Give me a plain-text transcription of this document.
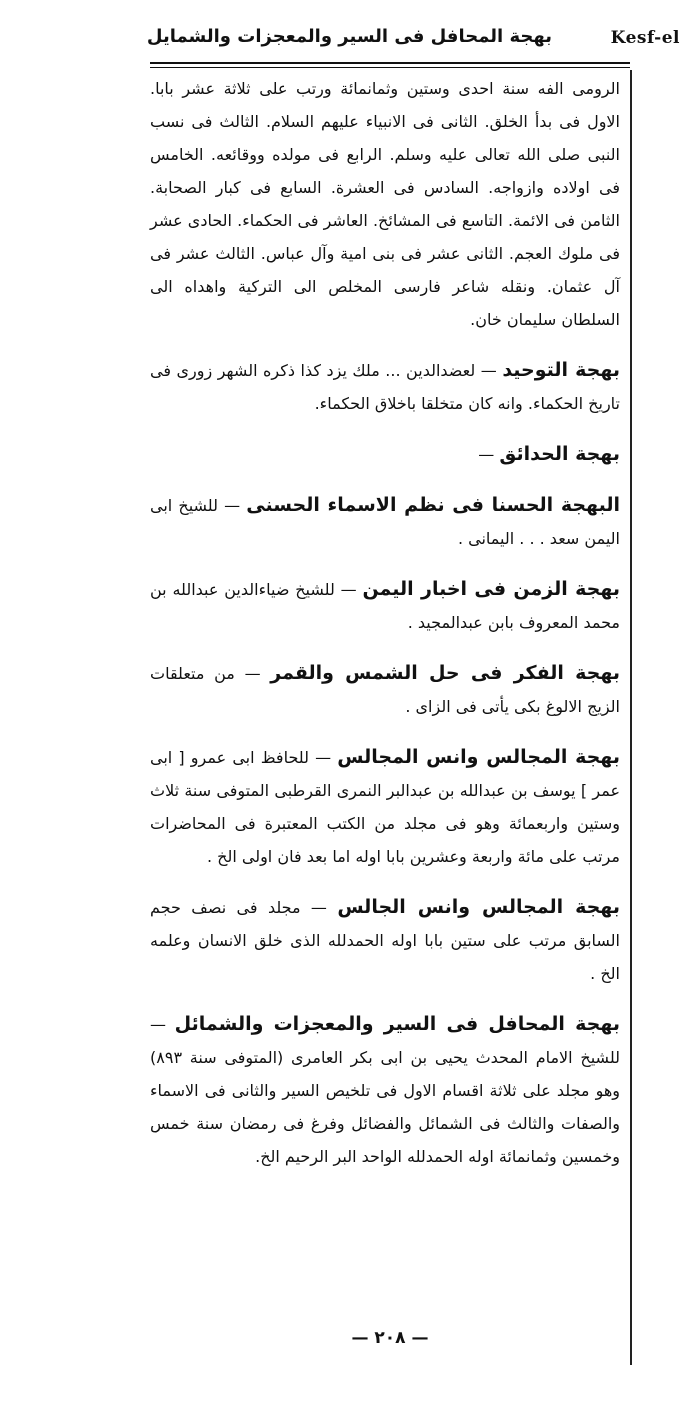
Kesf-el
بهجة المحافل فى السير والمعجزات والشمايل

الرومى الفه سنة احدى وستين وثمانمائة ورتب على ثلاثة عشر بابا. الاول فى بدأ الخلق. الثانى فى الانبياء عليهم السلام. الثالث فى نسب النبى صلى الله تعالى عليه وسلم. الرابع فى مولده ووقائعه. الخامس فى اولاده وازواجه. السادس فى العشرة. السابع فى كبار الصحابة. الثامن فى الائمة. التاسع فى المشائخ. العاشر فى الحكماء. الحادى عشر فى ملوك العجم. الثانى عشر فى بنى امية وآل عباس. الثالث عشر فى آل عثمان. ونقله شاعر فارسى المخلص الى التركية واهداه الى السلطان سليمان خان.

بهجة التوحيد — لعضدالدين ... ملك يزد كذا ذكره الشهر زورى فى تاريخ الحكماء. وانه كان متخلقا باخلاق الحكماء.

بهجة الحدائق —

البهجة الحسنا فى نظم الاسماء الحسنى — للشيخ ابى اليمن سعد . . . اليمانى .

بهجة الزمن فى اخبار اليمن — للشيخ ضياءالدين عبدالله بن محمد المعروف بابن عبدالمجيد .

بهجة الفكر فى حل الشمس والقمر — من متعلقات الزيج الالوغ بكى يأتى فى الزاى .

بهجة المجالس وانس المجالس — للحافظ ابى عمرو [ ابى عمر ] يوسف بن عبدالله بن عبدالبر النمرى القرطبى المتوفى سنة ثلاث وستين واربعمائة وهو فى مجلد من الكتب المعتبرة فى المحاضرات مرتب على مائة واربعة وعشرين بابا اوله اما بعد فان اولى الخ .

بهجة المجالس وانس الجالس — مجلد فى نصف حجم السابق مرتب على ستين بابا اوله الحمدلله الذى خلق الانسان وعلمه الخ .

بهجة المحافل فى السير والمعجزات والشمائل — للشيخ الامام المحدث يحيى بن ابى بكر العامرى (المتوفى سنة ٨٩٣) وهو مجلد على ثلاثة اقسام الاول فى تلخيص السير والثانى فى الاسماء والصفات والثالث فى الشمائل والفضائل وفرغ فى رمضان سنة خمس وخمسين وثمانمائة اوله الحمدلله الواحد البر الرحيم الخ.

— ٢٠٨ —
